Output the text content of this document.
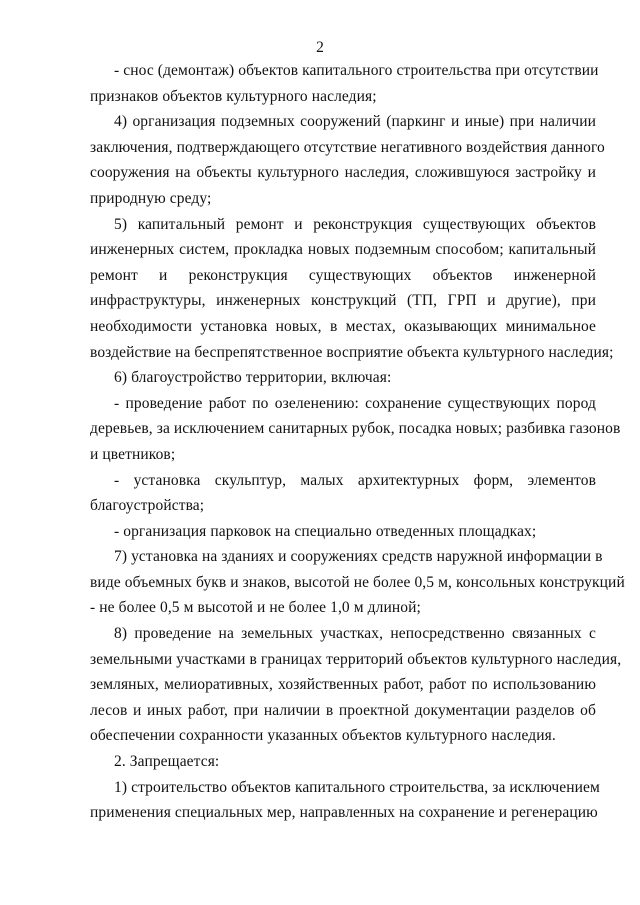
2

- снос (демонтаж) объектов капитального строительства при отсутствии
признаков объектов культурного наследия;

4) организация подземных сооружений (паркинг и иные) при наличии
заключения, подтверждающего отсутствие негативного воздействия данного
сооружения на объекты культурного наследия, сложившуюся застройку и
природную среду;

5) капитальный ремонт и реконструкция существующих объектов
инженерных систем, прокладка новых подземным способом; капитальный
ремонт и реконструкция существующих объектов инженерной
инфраструктуры, инженерных конструкций (ТП, ГРП и другие), при
необходимости установка новых, в местах, оказывающих минимальное
воздействие на беспрепятственное восприятие объекта культурного наследия;

6) благоустройство территории, включая:

- проведение работ по озеленению: сохранение существующих пород
деревьев, за исключением санитарных рубок, посадка новых; разбивка газонов
и цветников;

- установка скульптур, малых архитектурных форм, элементов
благоустройства;

- организация парковок на специально отведенных площадках;

7) установка на зданиях и сооружениях средств наружной информации в
виде объемных букв и знаков, высотой не более 0,5 м, консольных конструкций
- не более 0,5 м высотой и не более 1,0 м длиной;

8) проведение на земельных участках, непосредственно связанных с
земельными участками в границах территорий объектов культурного наследия,
земляных, мелиоративных, хозяйственных работ, работ по использованию
лесов и иных работ, при наличии в проектной документации разделов об
обеспечении сохранности указанных объектов культурного наследия.

2. Запрещается:

1) строительство объектов капитального строительства, за исключением
применения специальных мер, направленных на сохранение и регенерацию
